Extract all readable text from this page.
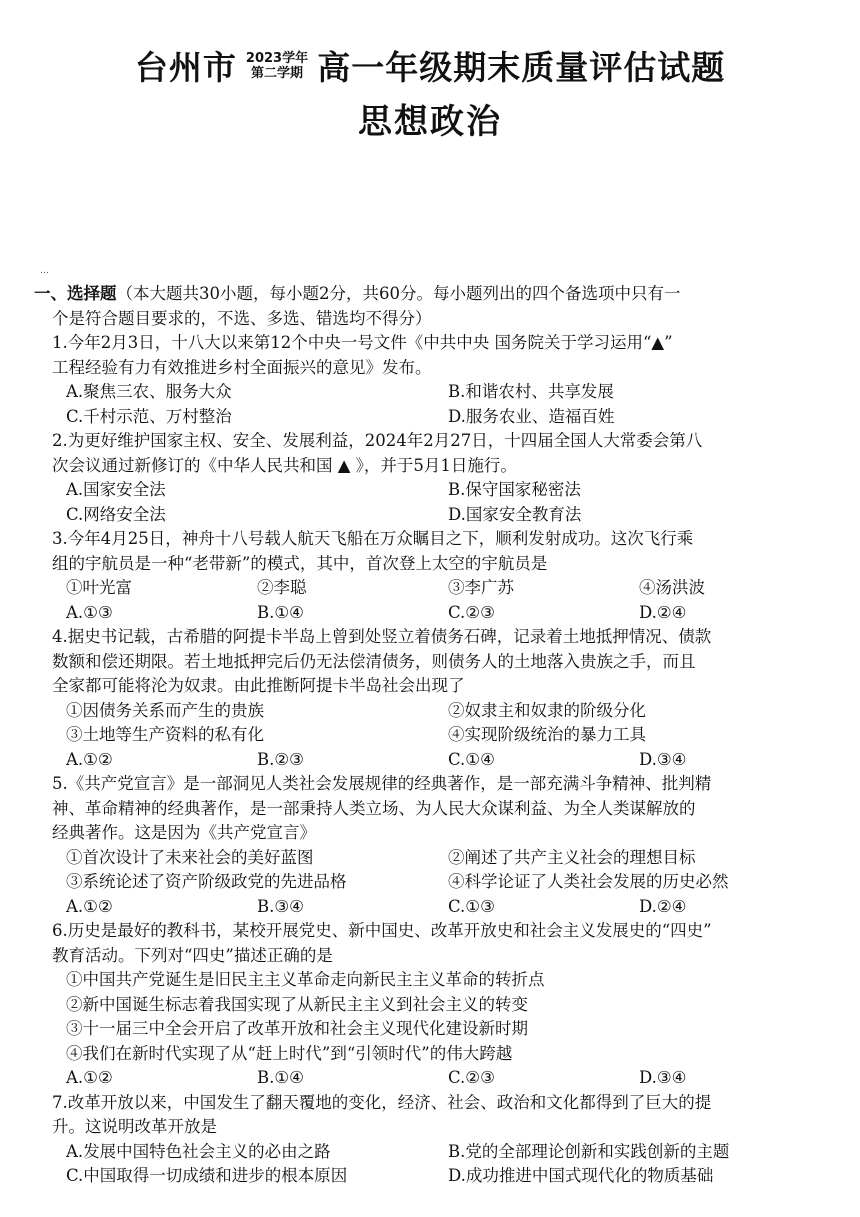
台州市 2023学年
第二学期 高一年级期末质量评估试题
思想政治
…
一、选择题（本大题共30小题，每小题2分，共60分。每小题列出的四个备选项中只有一
个是符合题目要求的，不选、多选、错选均不得分）
1.今年2月3日，十八大以来第12个中央一号文件《中共中央 国务院关于学习运用“▲”
工程经验有力有效推进乡村全面振兴的意见》发布。
A.聚焦三农、服务大众	B.和谐农村、共享发展
C.千村示范、万村整治	D.服务农业、造福百姓
2.为更好维护国家主权、安全、发展利益，2024年2月27日，十四届全国人大常委会第八
次会议通过新修订的《中华人民共和国 ▲ 》，并于5月1日施行。
A.国家安全法	B.保守国家秘密法
C.网络安全法	D.国家安全教育法
3.今年4月25日，神舟十八号载人航天飞船在万众瞩目之下，顺利发射成功。这次飞行乘
组的宇航员是一种“老带新”的模式，其中，首次登上太空的宇航员是
①叶光富	②李聪	③李广苏	④汤洪波
A.①③	B.①④	C.②③	D.②④
4.据史书记载，古希腊的阿提卡半岛上曾到处竖立着债务石碑，记录着土地抵押情况、债款
数额和偿还期限。若土地抵押完后仍无法偿清债务，则债务人的土地落入贵族之手，而且
全家都可能将沦为奴隶。由此推断阿提卡半岛社会出现了
①因债务关系而产生的贵族	②奴隶主和奴隶的阶级分化
③土地等生产资料的私有化	④实现阶级统治的暴力工具
A.①②	B.②③	C.①④	D.③④
5.《共产党宣言》是一部洞见人类社会发展规律的经典著作，是一部充满斗争精神、批判精
神、革命精神的经典著作，是一部秉持人类立场、为人民大众谋利益、为全人类谋解放的
经典著作。这是因为《共产党宣言》
①首次设计了未来社会的美好蓝图	②阐述了共产主义社会的理想目标
③系统论述了资产阶级政党的先进品格	④科学论证了人类社会发展的历史必然
A.①②	B.③④	C.①③	D.②④
6.历史是最好的教科书，某校开展党史、新中国史、改革开放史和社会主义发展史的“四史”
教育活动。下列对“四史”描述正确的是
①中国共产党诞生是旧民主主义革命走向新民主主义革命的转折点
②新中国诞生标志着我国实现了从新民主主义到社会主义的转变
③十一届三中全会开启了改革开放和社会主义现代化建设新时期
④我们在新时代实现了从“赶上时代”到“引领时代”的伟大跨越
A.①②	B.①④	C.②③	D.③④
7.改革开放以来，中国发生了翻天覆地的变化，经济、社会、政治和文化都得到了巨大的提
升。这说明改革开放是
A.发展中国特色社会主义的必由之路	B.党的全部理论创新和实践创新的主题
C.中国取得一切成绩和进步的根本原因	D.成功推进中国式现代化的物质基础
